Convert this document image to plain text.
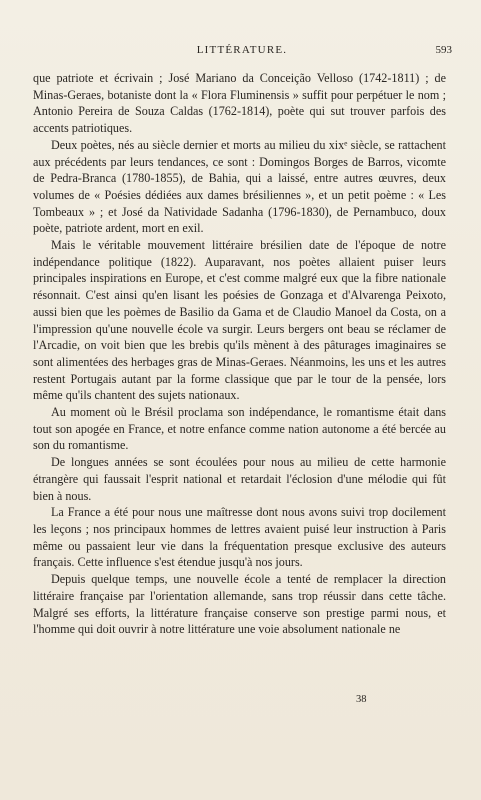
LITTÉRATURE.	593

que patriote et écrivain ; José Mariano da Conceição Velloso (1742-1811) ; de Minas-Geraes, botaniste dont la « Flora Fluminensis » suffit pour perpétuer le nom ; Antonio Pereira de Souza Caldas (1762-1814), poète qui sut trouver parfois des accents patriotiques.

Deux poètes, nés au siècle dernier et morts au milieu du xixᵉ siècle, se rattachent aux précédents par leurs tendances, ce sont : Domingos Borges de Barros, vicomte de Pedra-Branca (1780-1855), de Bahia, qui a laissé, entre autres œuvres, deux volumes de « Poésies dédiées aux dames brésiliennes », et un petit poème : « Les Tombeaux » ; et José da Natividade Sadanha (1796-1830), de Pernambuco, doux poète, patriote ardent, mort en exil.

Mais le véritable mouvement littéraire brésilien date de l'époque de notre indépendance politique (1822). Auparavant, nos poètes allaient puiser leurs principales inspirations en Europe, et c'est comme malgré eux que la fibre nationale résonnait. C'est ainsi qu'en lisant les poésies de Gonzaga et d'Alvarenga Peixoto, aussi bien que les poèmes de Basilio da Gama et de Claudio Manoel da Costa, on a l'impression qu'une nouvelle école va surgir. Leurs bergers ont beau se réclamer de l'Arcadie, on voit bien que les brebis qu'ils mènent à des pâturages imaginaires se sont alimentées des herbages gras de Minas-Geraes. Néanmoins, les uns et les autres restent Portugais autant par la forme classique que par le tour de la pensée, lors même qu'ils chantent des sujets nationaux.

Au moment où le Brésil proclama son indépendance, le romantisme était dans tout son apogée en France, et notre enfance comme nation autonome a été bercée au son du romantisme.

De longues années se sont écoulées pour nous au milieu de cette harmonie étrangère qui faussait l'esprit national et retardait l'éclosion d'une mélodie qui fût bien à nous.

La France a été pour nous une maîtresse dont nous avons suivi trop docilement les leçons ; nos principaux hommes de lettres avaient puisé leur instruction à Paris même ou passaient leur vie dans la fréquentation presque exclusive des auteurs français. Cette influence s'est étendue jusqu'à nos jours.

Depuis quelque temps, une nouvelle école a tenté de remplacer la direction littéraire française par l'orientation allemande, sans trop réussir dans cette tâche. Malgré ses efforts, la littérature française conserve son prestige parmi nous, et l'homme qui doit ouvrir à notre littérature une voie absolument nationale ne

38
